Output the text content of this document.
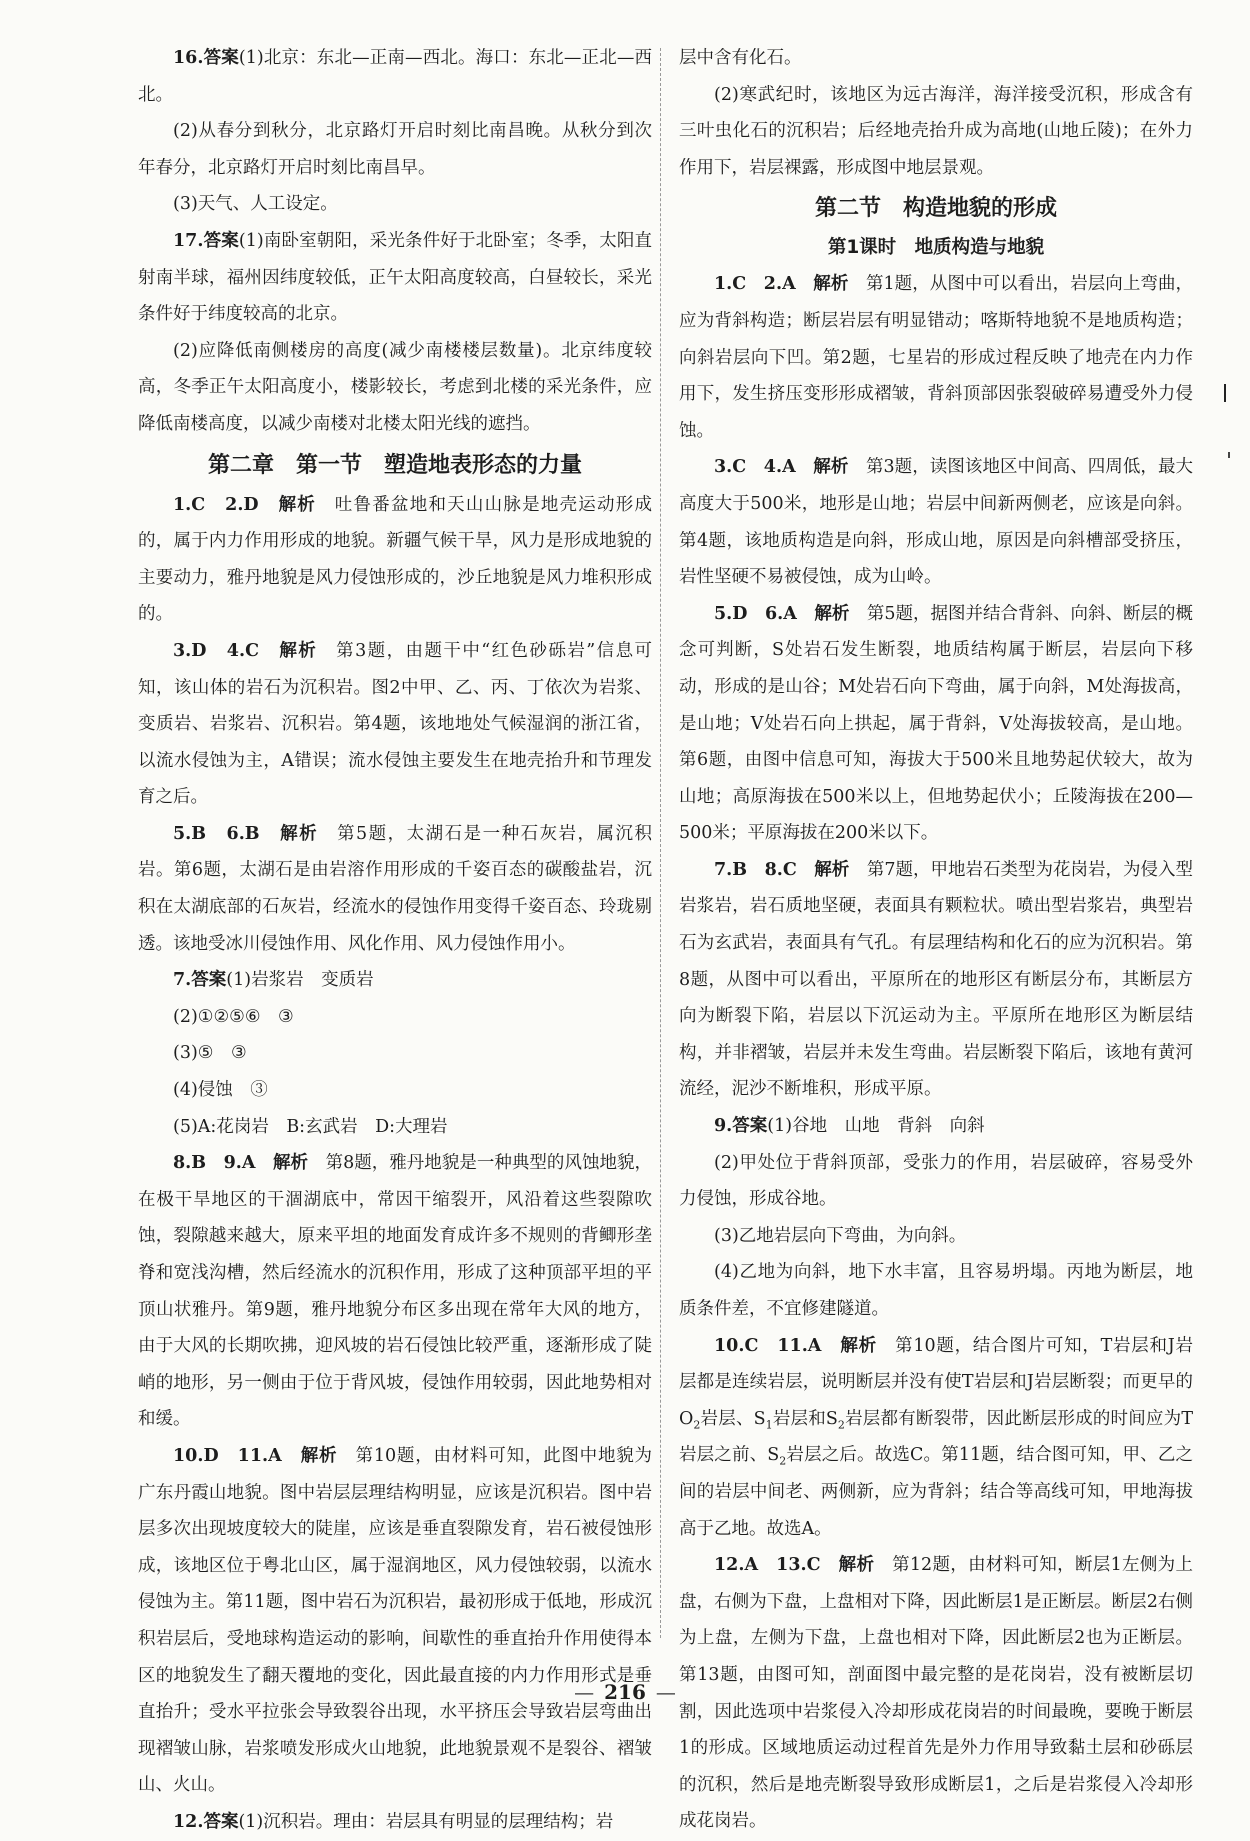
16.答案(1)北京：东北—正南—西北。海口：东北—正北—西北。

(2)从春分到秋分，北京路灯开启时刻比南昌晚。从秋分到次年春分，北京路灯开启时刻比南昌早。

(3)天气、人工设定。

17.答案(1)南卧室朝阳，采光条件好于北卧室；冬季，太阳直射南半球，福州因纬度较低，正午太阳高度较高，白昼较长，采光条件好于纬度较高的北京。

(2)应降低南侧楼房的高度(减少南楼楼层数量)。北京纬度较高，冬季正午太阳高度小，楼影较长，考虑到北楼的采光条件，应降低南楼高度，以减少南楼对北楼太阳光线的遮挡。

第二章　第一节　塑造地表形态的力量

1.C　2.D　解析　 吐鲁番盆地和天山山脉是地壳运动形成的，属于内力作用形成的地貌。新疆气候干旱，风力是形成地貌的主要动力，雅丹地貌是风力侵蚀形成的，沙丘地貌是风力堆积形成的。

3.D　4.C　解析　 第3题，由题干中“红色砂砾岩”信息可知，该山体的岩石为沉积岩。图2中甲、乙、丙、丁依次为岩浆、变质岩、岩浆岩、沉积岩。第4题，该地地处气候湿润的浙江省，以流水侵蚀为主，A错误；流水侵蚀主要发生在地壳抬升和节理发育之后。

5.B　6.B　解析　 第5题，太湖石是一种石灰岩，属沉积岩。第6题，太湖石是由岩溶作用形成的千姿百态的碳酸盐岩，沉积在太湖底部的石灰岩，经流水的侵蚀作用变得千姿百态、玲珑剔透。该地受冰川侵蚀作用、风化作用、风力侵蚀作用小。

7.答案(1)岩浆岩　变质岩

(2)①②⑤⑥　③

(3)⑤　③

(4)侵蚀　③

(5)A:花岗岩　B:玄武岩　D:大理岩

8.B　9.A　解析　 第8题，雅丹地貌是一种典型的风蚀地貌，在极干旱地区的干涸湖底中，常因干缩裂开，风沿着这些裂隙吹蚀，裂隙越来越大，原来平坦的地面发育成许多不规则的背鲫形垄脊和宽浅沟槽，然后经流水的沉积作用，形成了这种顶部平坦的平顶山状雅丹。第9题，雅丹地貌分布区多出现在常年大风的地方，由于大风的长期吹拂，迎风坡的岩石侵蚀比较严重，逐渐形成了陡峭的地形，另一侧由于位于背风坡，侵蚀作用较弱，因此地势相对和缓。

10.D　11.A　解析　 第10题，由材料可知，此图中地貌为广东丹霞山地貌。图中岩层层理结构明显，应该是沉积岩。图中岩层多次出现坡度较大的陡崖，应该是垂直裂隙发育，岩石被侵蚀形成，该地区位于粤北山区，属于湿润地区，风力侵蚀较弱，以流水侵蚀为主。第11题，图中岩石为沉积岩，最初形成于低地，形成沉积岩层后，受地球构造运动的影响，间歇性的垂直抬升作用使得本区的地貌发生了翻天覆地的变化，因此最直接的内力作用形式是垂直抬升；受水平拉张会导致裂谷出现，水平挤压会导致岩层弯曲出现褶皱山脉，岩浆喷发形成火山地貌，此地貌景观不是裂谷、褶皱山、火山。

12.答案(1)沉积岩。理由：岩层具有明显的层理结构；岩

层中含有化石。

(2)寒武纪时，该地区为远古海洋，海洋接受沉积，形成含有三叶虫化石的沉积岩；后经地壳抬升成为高地(山地丘陵)；在外力作用下，岩层裸露，形成图中地层景观。

第二节　构造地貌的形成
第1课时　地质构造与地貌

1.C　2.A　解析　 第1题，从图中可以看出，岩层向上弯曲，应为背斜构造；断层岩层有明显错动；喀斯特地貌不是地质构造；向斜岩层向下凹。第2题，七星岩的形成过程反映了地壳在内力作用下，发生挤压变形形成褶皱，背斜顶部因张裂破碎易遭受外力侵蚀。

3.C　4.A　解析　 第3题，读图该地区中间高、四周低，最大高度大于500米，地形是山地；岩层中间新两侧老，应该是向斜。第4题，该地质构造是向斜，形成山地，原因是向斜槽部受挤压，岩性坚硬不易被侵蚀，成为山岭。

5.D　6.A　解析　 第5题，据图并结合背斜、向斜、断层的概念可判断，S处岩石发生断裂，地质结构属于断层，岩层向下移动，形成的是山谷；M处岩石向下弯曲，属于向斜，M处海拔高，是山地；V处岩石向上拱起，属于背斜，V处海拔较高，是山地。第6题，由图中信息可知，海拔大于500米且地势起伏较大，故为山地；高原海拔在500米以上，但地势起伏小；丘陵海拔在200—500米；平原海拔在200米以下。

7.B　8.C　解析　 第7题，甲地岩石类型为花岗岩，为侵入型岩浆岩，岩石质地坚硬，表面具有颗粒状。喷出型岩浆岩，典型岩石为玄武岩，表面具有气孔。有层理结构和化石的应为沉积岩。第8题，从图中可以看出，平原所在的地形区有断层分布，其断层方向为断裂下陷，岩层以下沉运动为主。平原所在地形区为断层结构，并非褶皱，岩层并未发生弯曲。岩层断裂下陷后，该地有黄河流经，泥沙不断堆积，形成平原。

9.答案(1)谷地　山地　背斜　向斜

(2)甲处位于背斜顶部，受张力的作用，岩层破碎，容易受外力侵蚀，形成谷地。

(3)乙地岩层向下弯曲，为向斜。

(4)乙地为向斜，地下水丰富，且容易坍塌。丙地为断层，地质条件差，不宜修建隧道。

10.C　11.A　解析　 第10题，结合图片可知，T岩层和J岩层都是连续岩层，说明断层并没有使T岩层和J岩层断裂；而更早的$O_2$岩层、$S_1$岩层和$S_2$岩层都有断裂带，因此断层形成的时间应为T岩层之前、$S_2$岩层之后。故选C。第11题，结合图可知，甲、乙之间的岩层中间老、两侧新，应为背斜；结合等高线可知，甲地海拔高于乙地。故选A。

12.A　13.C　解析　 第12题，由材料可知，断层1左侧为上盘，右侧为下盘，上盘相对下降，因此断层1是正断层。断层2右侧为上盘，左侧为下盘，上盘也相对下降，因此断层2也为正断层。第13题，由图可知，剖面图中最完整的是花岗岩，没有被断层切割，因此选项中岩浆侵入冷却形成花岗岩的时间最晚，要晚于断层1的形成。区域地质运动过程首先是外力作用导致黏土层和砂砾层的沉积，然后是地壳断裂导致形成断层1，之后是岩浆侵入冷却形成花岗岩。

— 216 —
